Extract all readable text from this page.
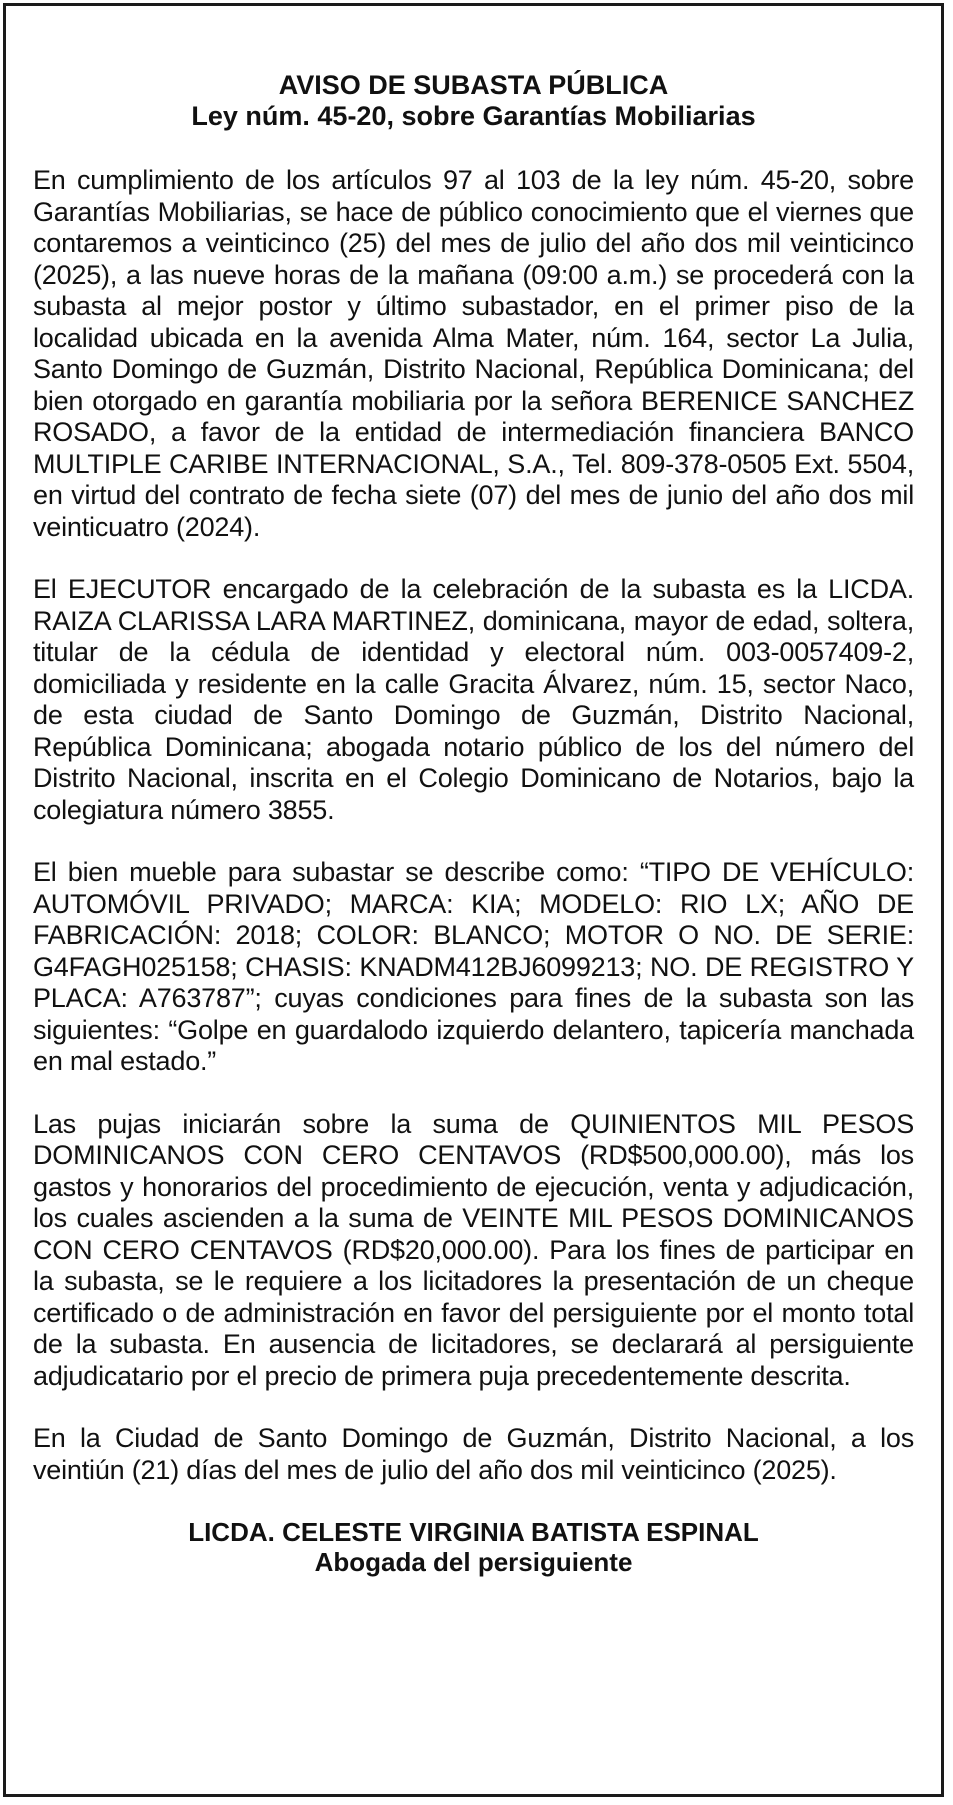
AVISO DE SUBASTA PÚBLICA

Ley núm. 45-20, sobre Garantías Mobiliarias

En cumplimiento de los artículos 97 al 103 de la ley núm. 45-20, sobre Garantías Mobiliarias, se hace de público conocimiento que el viernes que contaremos a veinticinco (25) del mes de julio del año dos mil veinticinco (2025), a las nueve horas de la mañana (09:00 a.m.) se procederá con la subasta al mejor postor y último subastador, en el primer piso de la localidad ubicada en la avenida Alma Mater, núm. 164, sector La Julia, Santo Domingo de Guzmán, Distrito Nacional, República Dominicana; del bien otorgado en garantía mobiliaria por la señora BERENICE SANCHEZ ROSADO, a favor de la entidad de intermediación financiera BANCO MULTIPLE CARIBE INTERNACIONAL, S.A., Tel. 809-378-0505 Ext. 5504, en virtud del contrato de fecha siete (07) del mes de junio del año dos mil veinticuatro (2024).

El EJECUTOR encargado de la celebración de la subasta es la LICDA. RAIZA CLARISSA LARA MARTINEZ, dominicana, mayor de edad, soltera, titular de la cédula de identidad y electoral núm. 003-0057409-2, domiciliada y residente en la calle Gracita Álvarez, núm. 15, sector Naco, de esta ciudad de Santo Domingo de Guzmán, Distrito Nacional, República Dominicana; abogada notario público de los del número del Distrito Nacional, inscrita en el Colegio Dominicano de Notarios, bajo la colegiatura número 3855.

El bien mueble para subastar se describe como: “TIPO DE VEHÍCULO: AUTOMÓVIL PRIVADO; MARCA: KIA; MODELO: RIO LX; AÑO DE FABRICACIÓN: 2018; COLOR: BLANCO; MOTOR O NO. DE SERIE: G4FAGH025158; CHASIS: KNADM412BJ6099213; NO. DE REGISTRO Y PLACA: A763787”; cuyas condiciones para fines de la subasta son las siguientes: “Golpe en guardalodo izquierdo delantero, tapicería manchada en mal estado.”

Las pujas iniciarán sobre la suma de QUINIENTOS MIL PESOS DOMINICANOS CON CERO CENTAVOS (RD$500,000.00), más los gastos y honorarios del procedimiento de ejecución, venta y adjudicación, los cuales ascienden a la suma de VEINTE MIL PESOS DOMINICANOS CON CERO CENTAVOS (RD$20,000.00). Para los fines de participar en la subasta, se le requiere a los licitadores la presentación de un cheque certificado o de administración en favor del persiguiente por el monto total de la subasta. En ausencia de licitadores, se declarará al persiguiente adjudicatario por el precio de primera puja precedentemente descrita.

En la Ciudad de Santo Domingo de Guzmán, Distrito Nacional, a los veintiún (21) días del mes de julio del año dos mil veinticinco (2025).

LICDA. CELESTE VIRGINIA BATISTA ESPINAL

Abogada del persiguiente
